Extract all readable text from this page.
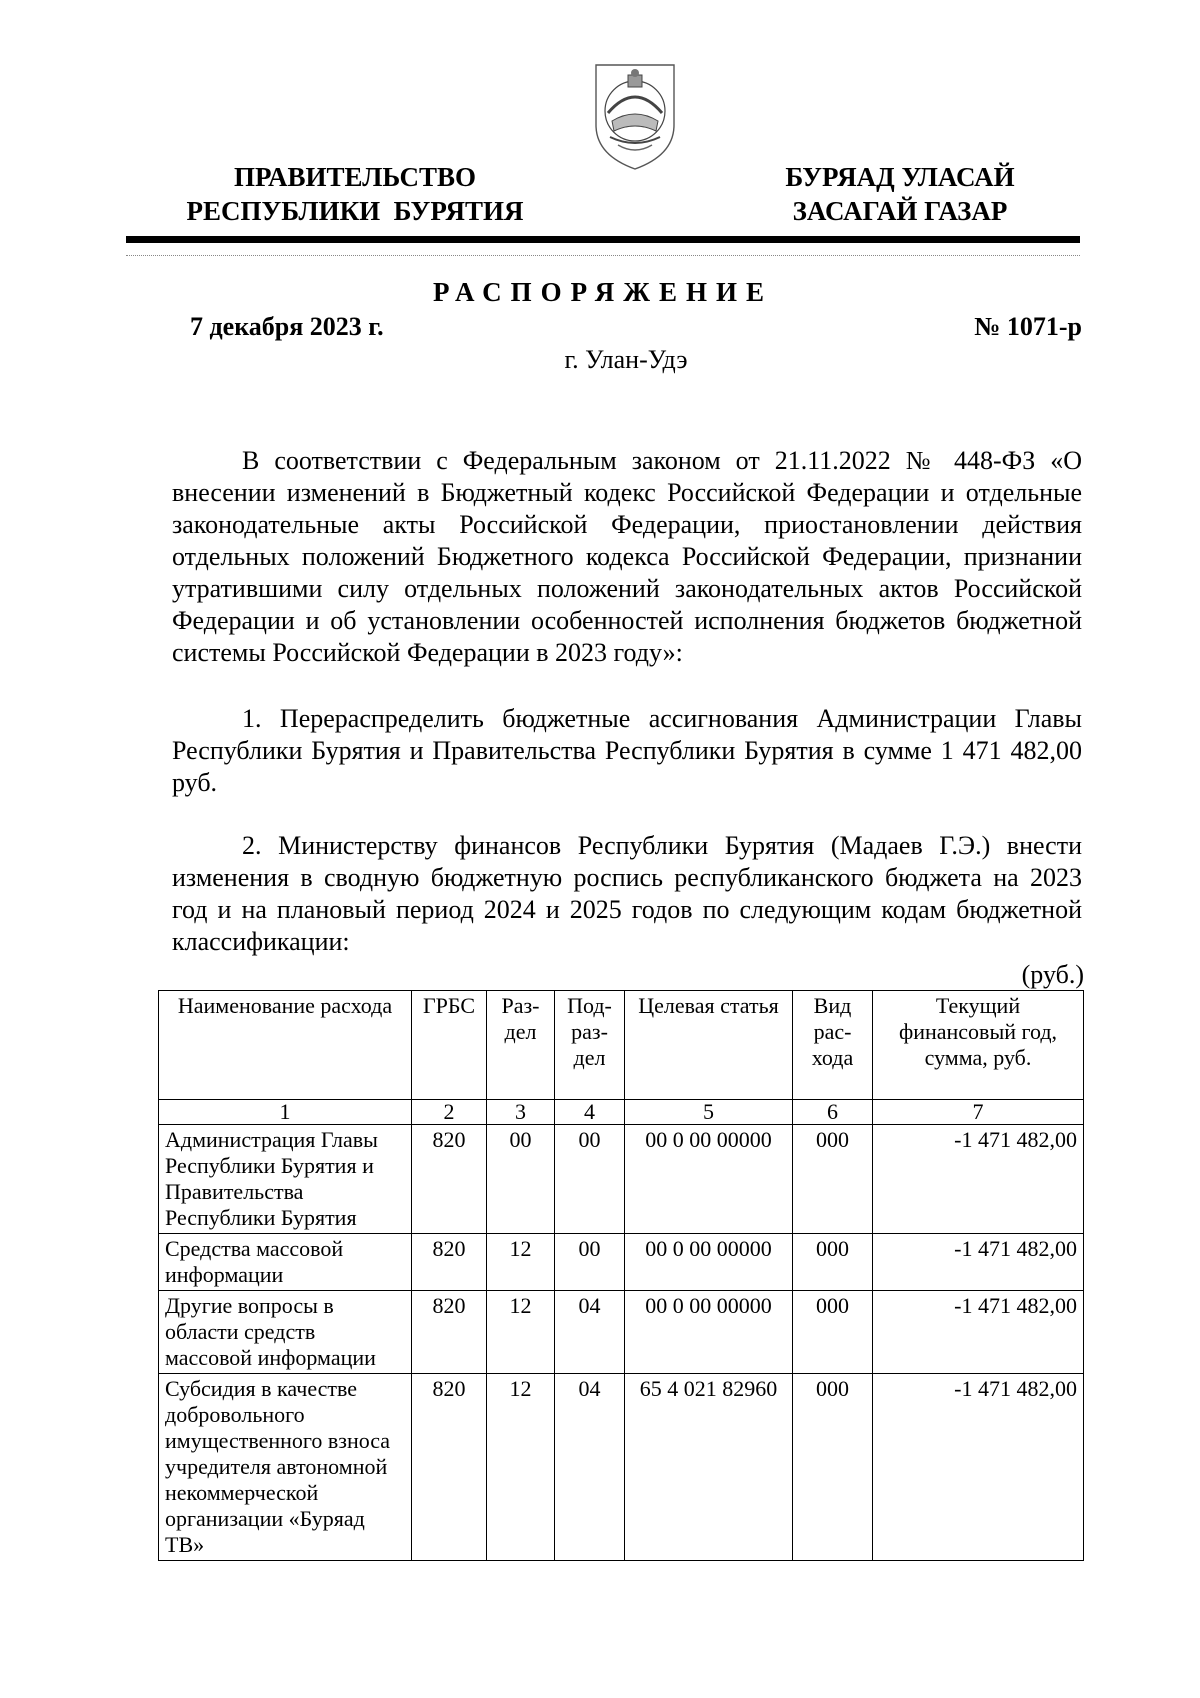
ПРАВИТЕЛЬСТВО
РЕСПУБЛИКИ  БУРЯТИЯ
БУРЯАД УЛАСАЙ
ЗАСАГАЙ ГАЗАР
РАСПОРЯЖЕНИЕ
7 декабря 2023 г.	№ 1071-р
г. Улан-Удэ
В соответствии с Федеральным законом от 21.11.2022 № 448-ФЗ «О внесении изменений в Бюджетный кодекс Российской Федерации и отдельные законодательные акты Российской Федерации, приостановлении действия отдельных положений Бюджетного кодекса Российской Федерации, признании утратившими силу отдельных положений законодательных актов Российской Федерации и об установлении особенностей исполнения бюджетов бюджетной системы Российской Федерации в 2023 году»:
1. Перераспределить бюджетные ассигнования Администрации Главы Республики Бурятия и Правительства Республики Бурятия в сумме 1 471 482,00 руб.
2. Министерству финансов Республики Бурятия (Мадаев Г.Э.) внести изменения в сводную бюджетную роспись республиканского бюджета на 2023 год и на плановый период 2024 и 2025 годов по следующим кодам бюджетной классификации:
(руб.)
Наименование расхода	ГРБС	Раз- дел	Под- раз- дел	Целевая статья	Вид рас- хода	Текущий финансовый год, сумма, руб.
1	2	3	4	5	6	7
Администрация Главы Республики Бурятия и Правительства Республики Бурятия	820	00	00	00 0 00 00000	000	-1 471 482,00
Средства массовой информации	820	12	00	00 0 00 00000	000	-1 471 482,00
Другие вопросы в области средств массовой информации	820	12	04	00 0 00 00000	000	-1 471 482,00
Субсидия в качестве добровольного имущественного взноса учредителя автономной некоммерческой организации «Буряад ТВ»	820	12	04	65 4 021 82960	000	-1 471 482,00
